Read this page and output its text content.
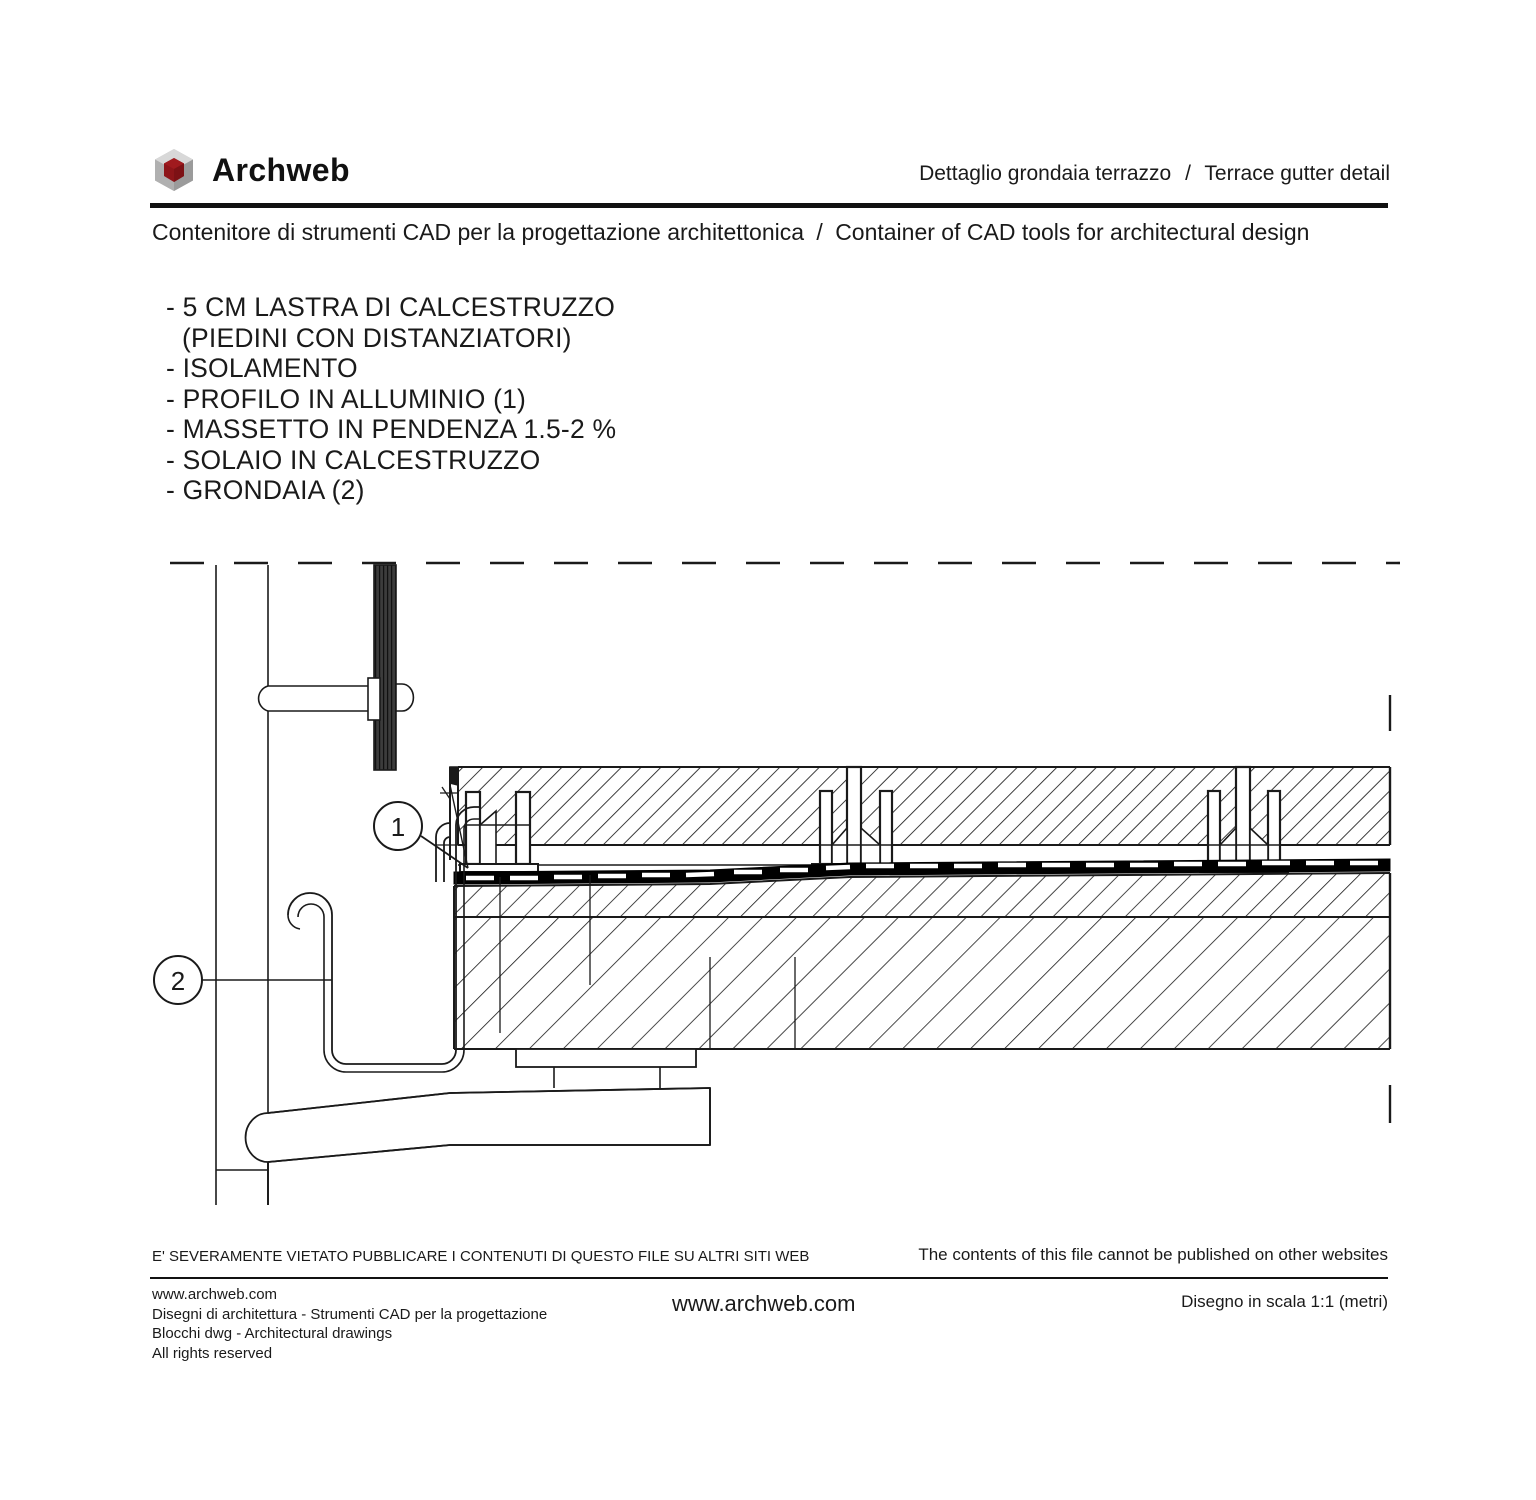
Archweb	Dettaglio grondaia terrazzo / Terrace gutter detail
Contenitore di strumenti CAD per la progettazione architettonica / Container of CAD tools for architectural design
- 5 CM LASTRA DI CALCESTRUZZO
(PIEDINI CON DISTANZIATORI)
- ISOLAMENTO
- PROFILO IN ALLUMINIO (1)
- MASSETTO IN PENDENZA 1.5-2 %
- SOLAIO IN CALCESTRUZZO
- GRONDAIA (2)
1
2
E' SEVERAMENTE VIETATO PUBBLICARE I CONTENUTI DI QUESTO FILE SU ALTRI SITI WEB	The contents of this file cannot be published on other websites
www.archweb.com
Disegni di architettura - Strumenti CAD per la progettazione
Blocchi dwg - Architectural drawings
All rights reserved
www.archweb.com	Disegno in scala 1:1 (metri)
